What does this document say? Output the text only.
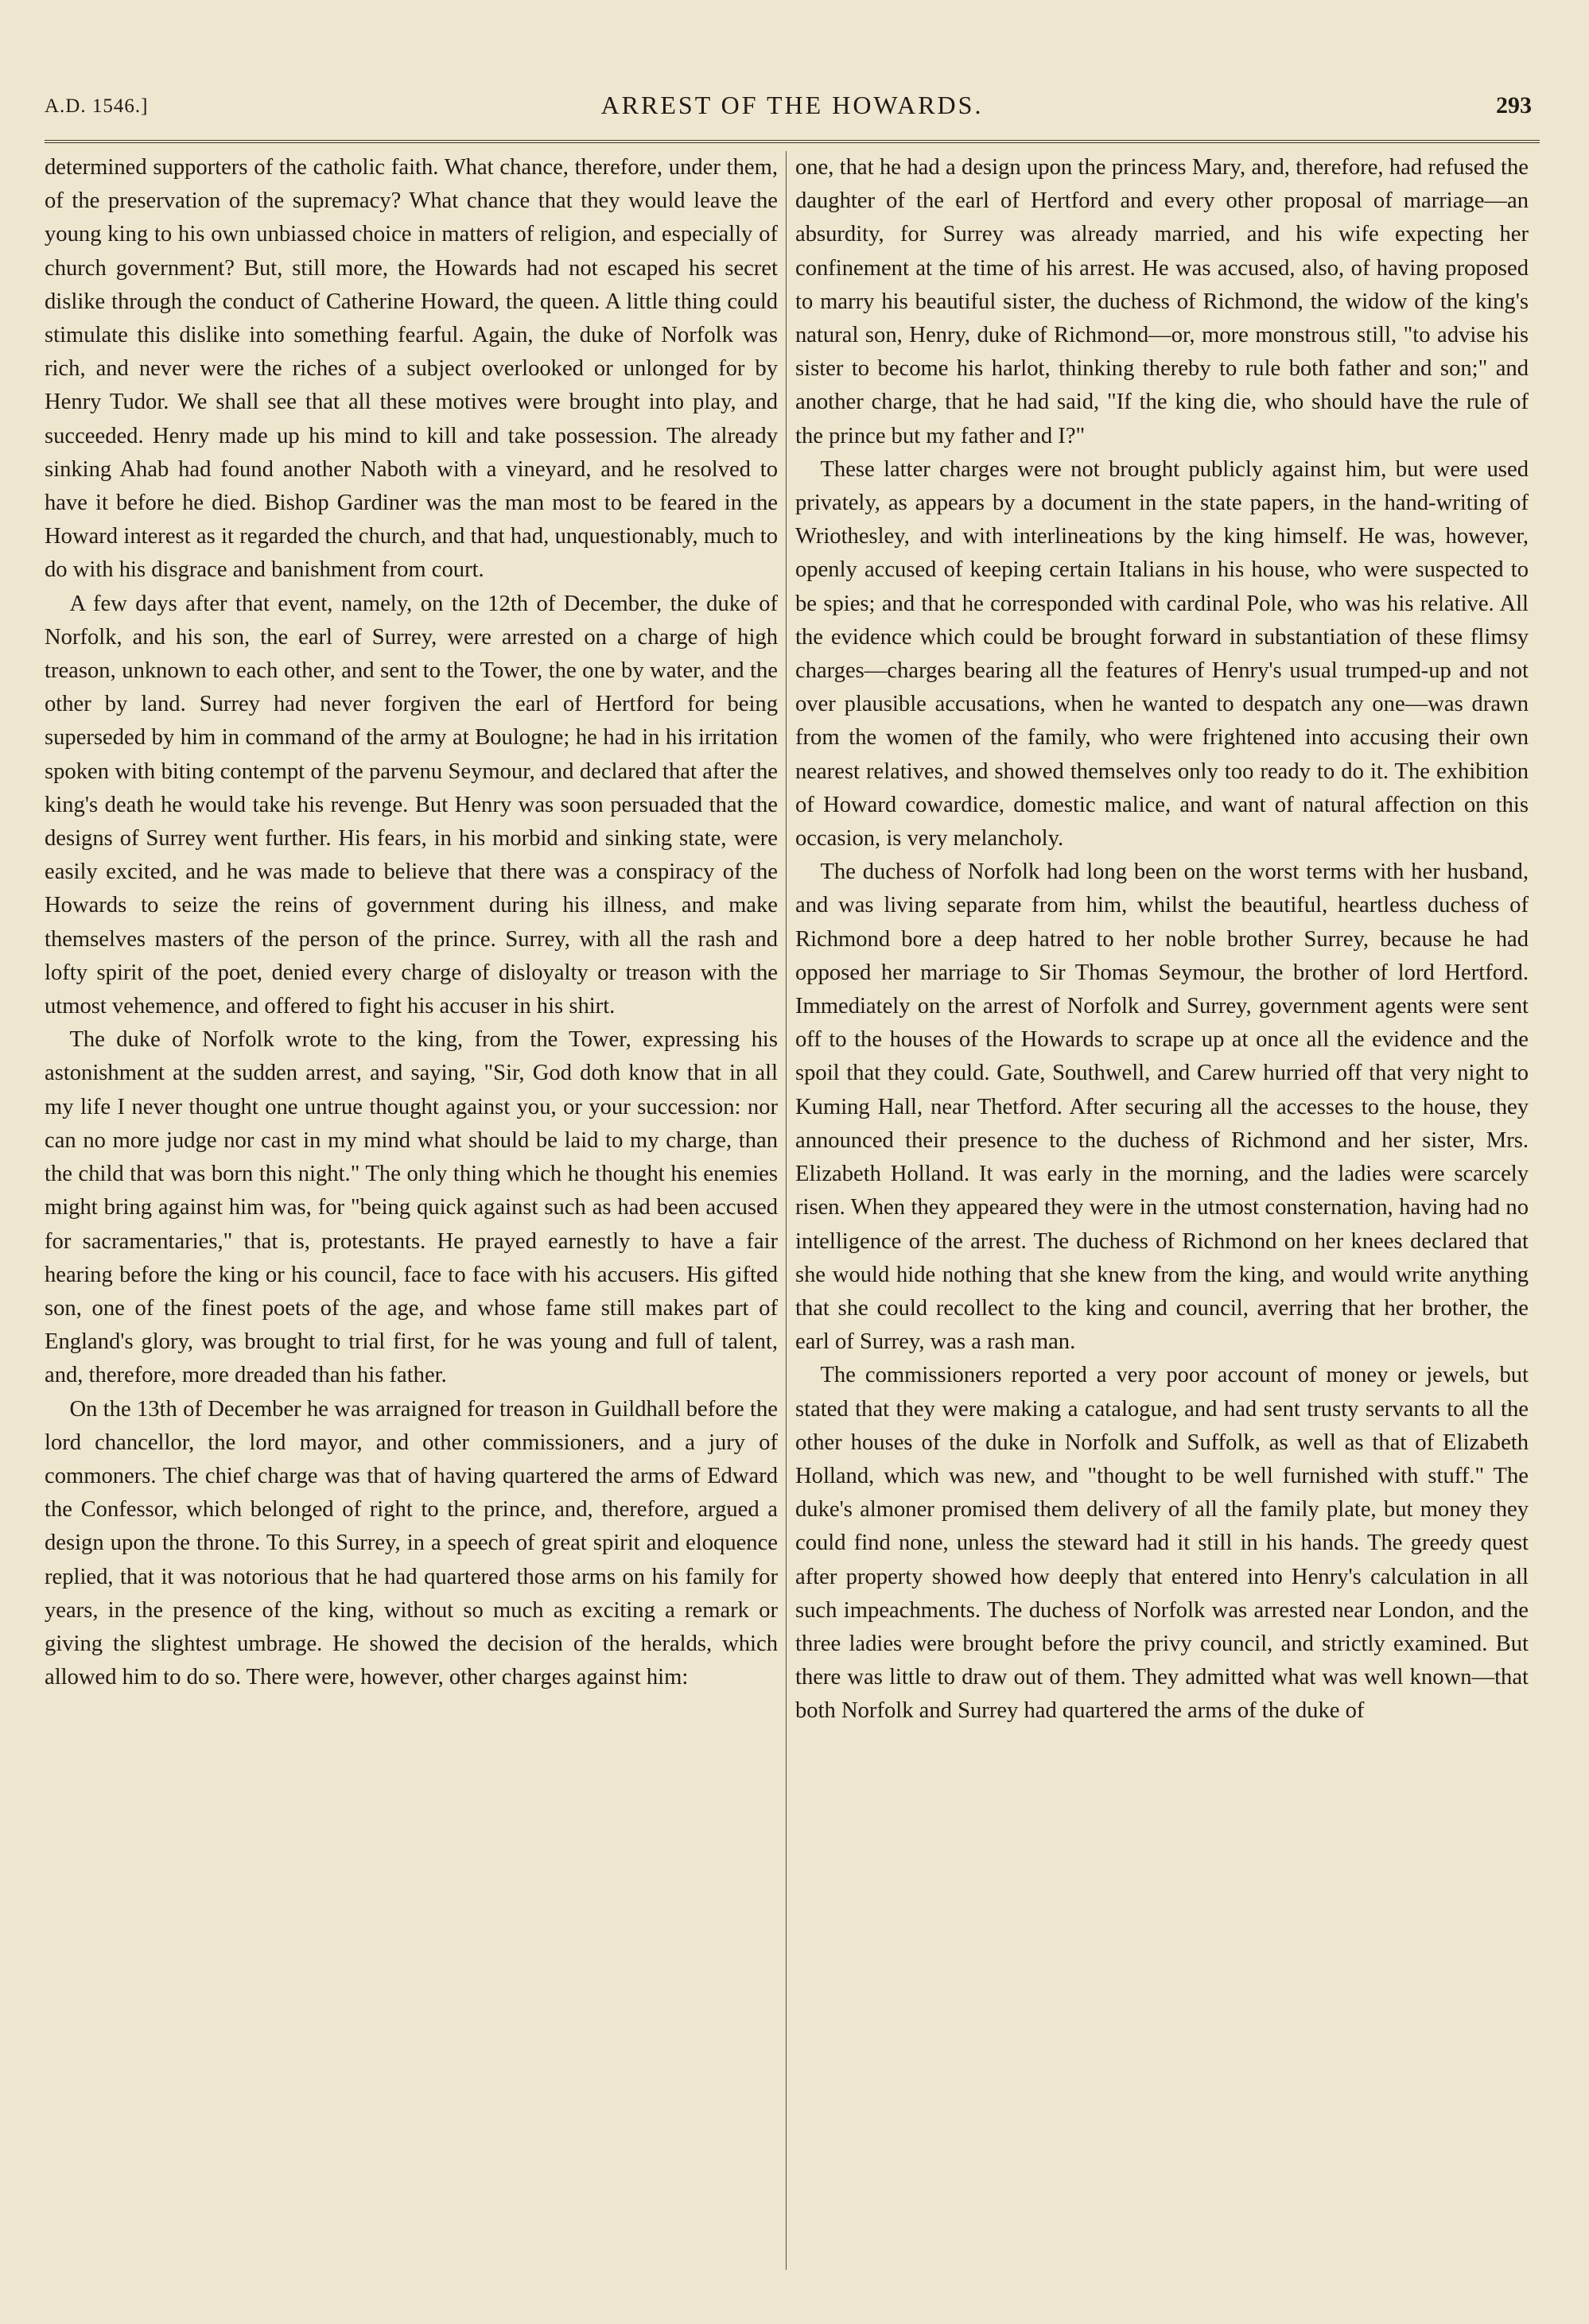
A.D. 1546.]	ARREST OF THE HOWARDS.	293

determined supporters of the catholic faith. What chance, therefore, under them, of the preservation of the supremacy? What chance that they would leave the young king to his own unbiassed choice in matters of religion, and especially of church government? But, still more, the Howards had not escaped his secret dislike through the conduct of Catherine Howard, the queen. A little thing could stimulate this dislike into something fearful. Again, the duke of Norfolk was rich, and never were the riches of a subject overlooked or unlonged for by Henry Tudor. We shall see that all these motives were brought into play, and succeeded. Henry made up his mind to kill and take possession. The already sinking Ahab had found another Naboth with a vineyard, and he resolved to have it before he died. Bishop Gardiner was the man most to be feared in the Howard interest as it regarded the church, and that had, unquestionably, much to do with his disgrace and banishment from court.

A few days after that event, namely, on the 12th of December, the duke of Norfolk, and his son, the earl of Surrey, were arrested on a charge of high treason, unknown to each other, and sent to the Tower, the one by water, and the other by land. Surrey had never forgiven the earl of Hertford for being superseded by him in command of the army at Boulogne; he had in his irritation spoken with biting contempt of the parvenu Seymour, and declared that after the king's death he would take his revenge. But Henry was soon persuaded that the designs of Surrey went further. His fears, in his morbid and sinking state, were easily excited, and he was made to believe that there was a conspiracy of the Howards to seize the reins of government during his illness, and make themselves masters of the person of the prince. Surrey, with all the rash and lofty spirit of the poet, denied every charge of disloyalty or treason with the utmost vehemence, and offered to fight his accuser in his shirt.

The duke of Norfolk wrote to the king, from the Tower, expressing his astonishment at the sudden arrest, and saying, "Sir, God doth know that in all my life I never thought one untrue thought against you, or your succession: nor can no more judge nor cast in my mind what should be laid to my charge, than the child that was born this night." The only thing which he thought his enemies might bring against him was, for "being quick against such as had been accused for sacramentaries," that is, protestants. He prayed earnestly to have a fair hearing before the king or his council, face to face with his accusers. His gifted son, one of the finest poets of the age, and whose fame still makes part of England's glory, was brought to trial first, for he was young and full of talent, and, therefore, more dreaded than his father.

On the 13th of December he was arraigned for treason in Guildhall before the lord chancellor, the lord mayor, and other commissioners, and a jury of commoners. The chief charge was that of having quartered the arms of Edward the Confessor, which belonged of right to the prince, and, therefore, argued a design upon the throne. To this Surrey, in a speech of great spirit and eloquence replied, that it was notorious that he had quartered those arms on his family for years, in the presence of the king, without so much as exciting a remark or giving the slightest umbrage. He showed the decision of the heralds, which allowed him to do so. There were, however, other charges against him:

one, that he had a design upon the princess Mary, and, therefore, had refused the daughter of the earl of Hertford and every other proposal of marriage—an absurdity, for Surrey was already married, and his wife expecting her confinement at the time of his arrest. He was accused, also, of having proposed to marry his beautiful sister, the duchess of Richmond, the widow of the king's natural son, Henry, duke of Richmond—or, more monstrous still, "to advise his sister to become his harlot, thinking thereby to rule both father and son;" and another charge, that he had said, "If the king die, who should have the rule of the prince but my father and I?"

These latter charges were not brought publicly against him, but were used privately, as appears by a document in the state papers, in the hand-writing of Wriothesley, and with interlineations by the king himself. He was, however, openly accused of keeping certain Italians in his house, who were suspected to be spies; and that he corresponded with cardinal Pole, who was his relative. All the evidence which could be brought forward in substantiation of these flimsy charges—charges bearing all the features of Henry's usual trumped-up and not over plausible accusations, when he wanted to despatch any one—was drawn from the women of the family, who were frightened into accusing their own nearest relatives, and showed themselves only too ready to do it. The exhibition of Howard cowardice, domestic malice, and want of natural affection on this occasion, is very melancholy.

The duchess of Norfolk had long been on the worst terms with her husband, and was living separate from him, whilst the beautiful, heartless duchess of Richmond bore a deep hatred to her noble brother Surrey, because he had opposed her marriage to Sir Thomas Seymour, the brother of lord Hertford. Immediately on the arrest of Norfolk and Surrey, government agents were sent off to the houses of the Howards to scrape up at once all the evidence and the spoil that they could. Gate, Southwell, and Carew hurried off that very night to Kuming Hall, near Thetford. After securing all the accesses to the house, they announced their presence to the duchess of Richmond and her sister, Mrs. Elizabeth Holland. It was early in the morning, and the ladies were scarcely risen. When they appeared they were in the utmost consternation, having had no intelligence of the arrest. The duchess of Richmond on her knees declared that she would hide nothing that she knew from the king, and would write anything that she could recollect to the king and council, averring that her brother, the earl of Surrey, was a rash man.

The commissioners reported a very poor account of money or jewels, but stated that they were making a catalogue, and had sent trusty servants to all the other houses of the duke in Norfolk and Suffolk, as well as that of Elizabeth Holland, which was new, and "thought to be well furnished with stuff." The duke's almoner promised them delivery of all the family plate, but money they could find none, unless the steward had it still in his hands. The greedy quest after property showed how deeply that entered into Henry's calculation in all such impeachments. The duchess of Norfolk was arrested near London, and the three ladies were brought before the privy council, and strictly examined. But there was little to draw out of them. They admitted what was well known—that both Norfolk and Surrey had quartered the arms of the duke of
